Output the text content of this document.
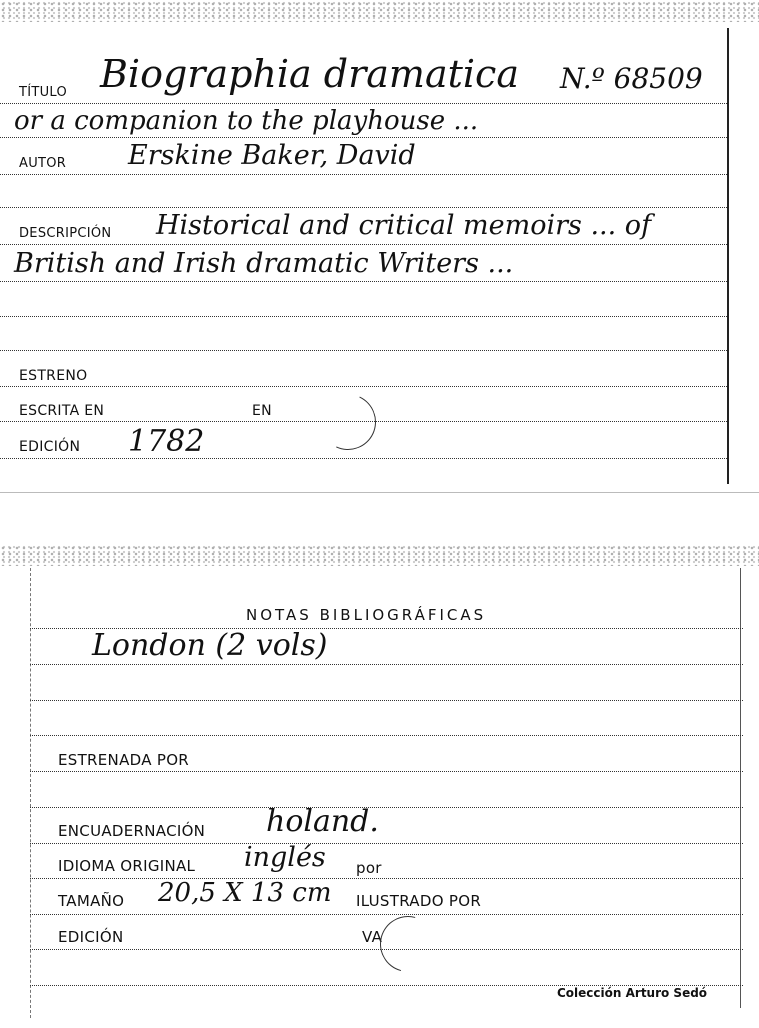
TÍTULO Biographia dramatica N.º 68509
or a companion to the playhouse ...
AUTOR Erskine Baker, David
DESCRIPCIÓN Historical and critical memoirs ... of
British and Irish dramatic Writers ...
ESTRENO
ESCRITA EN	EN
EDICIÓN 1782
NOTAS BIBLIOGRÁFICAS
London (2 vols)
ESTRENADA POR
ENCUADERNACIÓN holand.
IDIOMA ORIGINAL inglés por
TAMAÑO 20,5 X 13 cm ILUSTRADO POR
EDICIÓN	VA
Colección Arturo Sedó
